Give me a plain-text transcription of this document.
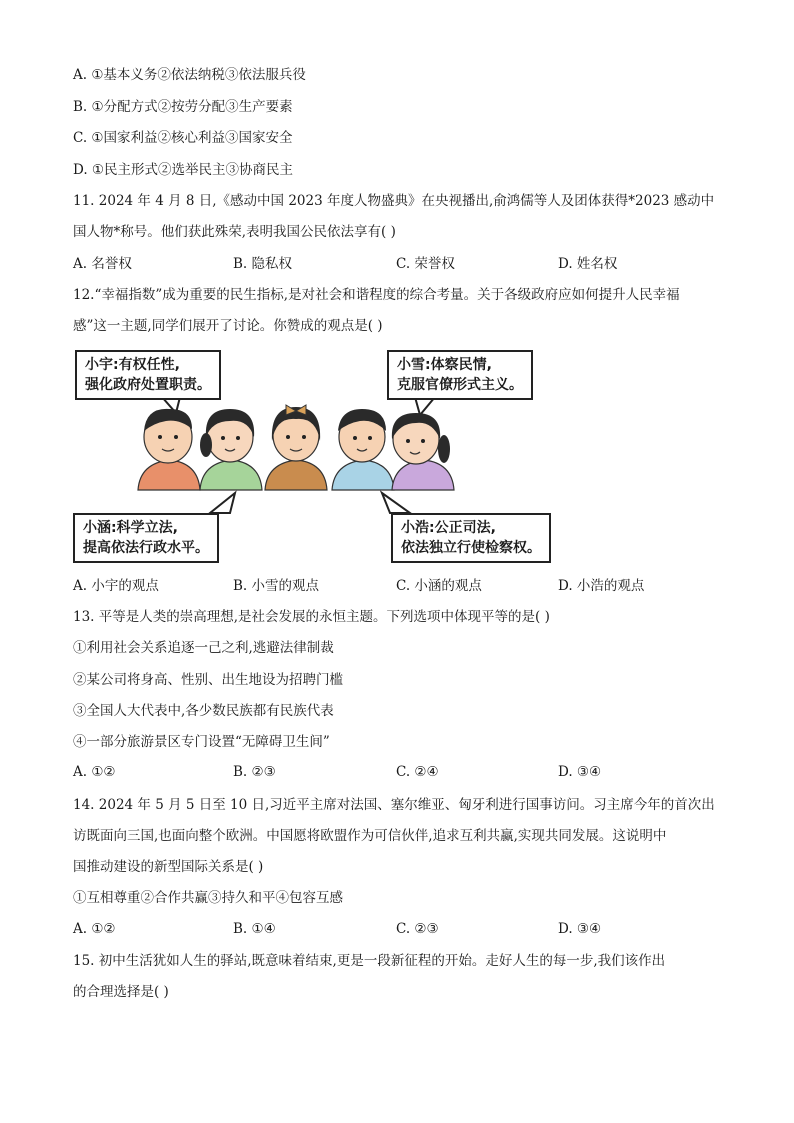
A. ①基本义务②依法纳税③依法服兵役
B. ①分配方式②按劳分配③生产要素
C. ①国家利益②核心利益③国家安全
D. ①民主形式②选举民主③协商民主
11. 2024 年 4 月 8 日,《感动中国 2023 年度人物盛典》在央视播出,俞鸿儒等人及团体获得*2023 感动中
国人物*称号。他们获此殊荣,表明我国公民依法享有( )
A. 名誉权	B. 隐私权	C. 荣誉权	D. 姓名权
12.“幸福指数”成为重要的民生指标,是对社会和谐程度的综合考量。关于各级政府应如何提升人民幸福
感”这一主题,同学们展开了讨论。你赞成的观点是( )
小宇:有权任性,
强化政府处置职责。
小雪:体察民情,
克服官僚形式主义。
小涵:科学立法,
提高依法行政水平。
小浩:公正司法,
依法独立行使检察权。
A. 小宇的观点	B. 小雪的观点	C. 小涵的观点	D. 小浩的观点
13. 平等是人类的崇高理想,是社会发展的永恒主题。下列选项中体现平等的是( )
①利用社会关系追逐一己之利,逃避法律制裁
②某公司将身高、性别、出生地设为招聘门槛
③全国人大代表中,各少数民族都有民族代表
④一部分旅游景区专门设置“无障碍卫生间”
A. ①②	B. ②③	C. ②④	D. ③④
14. 2024 年 5 月 5 日至 10 日,习近平主席对法国、塞尔维亚、匈牙利进行国事访问。习主席今年的首次出
访既面向三国,也面向整个欧洲。中国愿将欧盟作为可信伙伴,追求互利共赢,实现共同发展。这说明中
国推动建设的新型国际关系是( )
①互相尊重②合作共赢③持久和平④包容互感
A. ①②	B. ①④	C. ②③	D. ③④
15. 初中生活犹如人生的驿站,既意味着结束,更是一段新征程的开始。走好人生的每一步,我们该作出
的合理选择是( )
